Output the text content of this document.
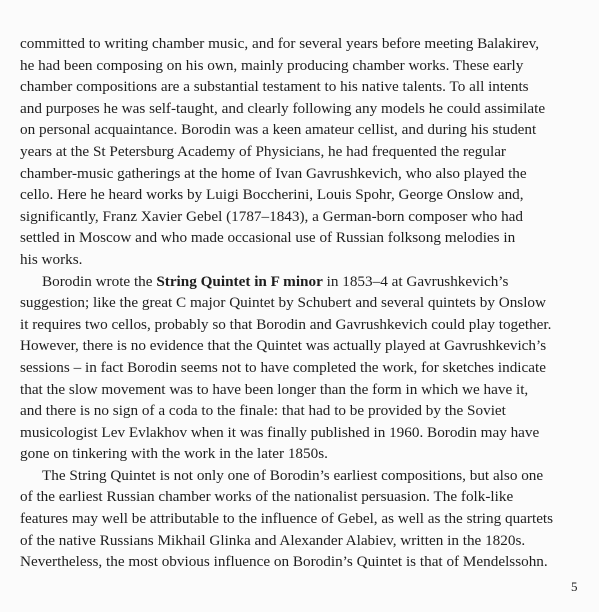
committed to writing chamber music, and for several years before meeting Balakirev,
he had been composing on his own, mainly producing chamber works. These early
chamber compositions are a substantial testament to his native talents. To all intents
and purposes he was self-taught, and clearly following any models he could assimilate
on personal acquaintance. Borodin was a keen amateur cellist, and during his student
years at the St Petersburg Academy of Physicians, he had frequented the regular
chamber-music gatherings at the home of Ivan Gavrushkevich, who also played the
cello. Here he heard works by Luigi Boccherini, Louis Spohr, George Onslow and,
significantly, Franz Xavier Gebel (1787–1843), a German-born composer who had
settled in Moscow and who made occasional use of Russian folksong melodies in
his works.
Borodin wrote the String Quintet in F minor in 1853–4 at Gavrushkevich’s
suggestion; like the great C major Quintet by Schubert and several quintets by Onslow
it requires two cellos, probably so that Borodin and Gavrushkevich could play together.
However, there is no evidence that the Quintet was actually played at Gavrushkevich’s
sessions – in fact Borodin seems not to have completed the work, for sketches indicate
that the slow movement was to have been longer than the form in which we have it,
and there is no sign of a coda to the finale: that had to be provided by the Soviet
musicologist Lev Evlakhov when it was finally published in 1960. Borodin may have
gone on tinkering with the work in the later 1850s.
The String Quintet is not only one of Borodin’s earliest compositions, but also one
of the earliest Russian chamber works of the nationalist persuasion. The folk-like
features may well be attributable to the influence of Gebel, as well as the string quartets
of the native Russians Mikhail Glinka and Alexander Alabiev, written in the 1820s.
Nevertheless, the most obvious influence on Borodin’s Quintet is that of Mendelssohn.
5
